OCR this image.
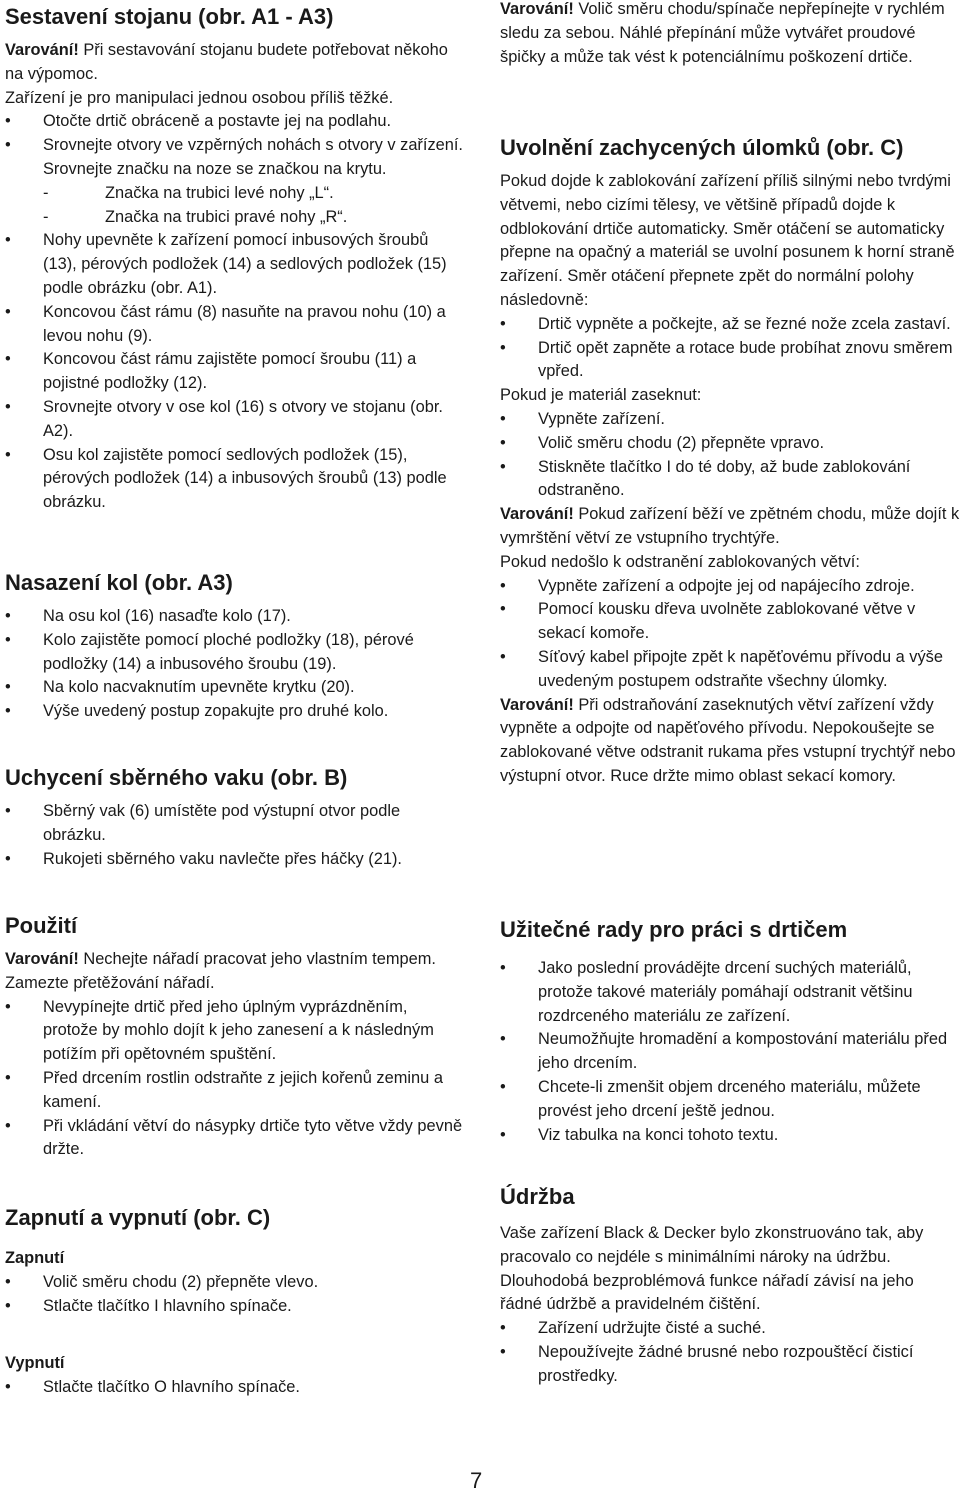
Sestavení stojanu (obr. A1 - A3)

Varování! Při sestavování stojanu budete potřebovat někoho na výpomoc.

Zařízení je pro manipulaci jednou osobou příliš těžké.

• Otočte drtič obráceně a postavte jej na podlahu.
• Srovnejte otvory ve vzpěrných nohách s otvory v zařízení. Srovnejte značku na noze se značkou na krytu.
- Značka na trubici levé nohy „L“.
- Značka na trubici pravé nohy „R“.
• Nohy upevněte k zařízení pomocí inbusových šroubů (13), pérových podložek (14) a sedlových podložek (15) podle obrázku (obr. A1).
• Koncovou část rámu (8) nasuňte na pravou nohu (10) a levou nohu (9).
• Koncovou část rámu zajistěte pomocí šroubu (11) a pojistné podložky (12).
• Srovnejte otvory v ose kol (16) s otvory ve stojanu (obr. A2).
• Osu kol zajistěte pomocí sedlových podložek (15), pérových podložek (14) a inbusových šroubů (13) podle obrázku.
Nasazení kol (obr. A3)
• Na osu kol (16) nasaďte kolo (17).
• Kolo zajistěte pomocí ploché podložky (18), pérové podložky (14) a inbusového šroubu (19).
• Na kolo nacvaknutím upevněte krytku (20).
• Výše uvedený postup zopakujte pro druhé kolo.
Uchycení sběrného vaku (obr. B)
• Sběrný vak (6) umístěte pod výstupní otvor podle obrázku.
• Rukojeti sběrného vaku navlečte přes háčky (21).
Použití

Varování! Nechejte nářadí pracovat jeho vlastním tempem. Zamezte přetěžování nářadí.

• Nevypínejte drtič před jeho úplným vyprázdněním, protože by mohlo dojít k jeho zanesení a k následným potížím při opětovném spuštění.
• Před drcením rostlin odstraňte z jejich kořenů zeminu a kamení.
• Při vkládání větví do násypky drtiče tyto větve vždy pevně držte.
Zapnutí a vypnutí (obr. C)
Zapnutí
• Volič směru chodu (2) přepněte vlevo.
• Stlačte tlačítko I hlavního spínače.
Vypnutí
• Stlačte tlačítko O hlavního spínače.

Varování! Volič směru chodu/spínače nepřepínejte v rychlém sledu za sebou. Náhlé přepínání může vytvářet proudové špičky a může tak vést k potenciálnímu poškození drtiče.

Uvolnění zachycených úlomků (obr. C)

Pokud dojde k zablokování zařízení příliš silnými nebo tvrdými větvemi, nebo cizími tělesy, ve většině případů dojde k odblokování drtiče automaticky. Směr otáčení se automaticky přepne na opačný a materiál se uvolní posunem k horní straně zařízení. Směr otáčení přepnete zpět do normální polohy následovně:

• Drtič vypněte a počkejte, až se řezné nože zcela zastaví.
• Drtič opět zapněte a rotace bude probíhat znovu směrem vpřed.

Pokud je materiál zaseknut:

• Vypněte zařízení.
• Volič směru chodu (2) přepněte vpravo.
• Stiskněte tlačítko I do té doby, až bude zablokování odstraněno.

Varování! Pokud zařízení běží ve zpětném chodu, může dojít k vymrštění větví ze vstupního trychtýře.

Pokud nedošlo k odstranění zablokovaných větví:

• Vypněte zařízení a odpojte jej od napájecího zdroje.
• Pomocí kousku dřeva uvolněte zablokované větve v sekací komoře.
• Síťový kabel připojte zpět k napěťovému přívodu a výše uvedeným postupem odstraňte všechny úlomky.

Varování! Při odstraňování zaseknutých větví zařízení vždy vypněte a odpojte od napěťového přívodu. Nepokoušejte se zablokované větve odstranit rukama přes vstupní trychtýř nebo výstupní otvor. Ruce držte mimo oblast sekací komory.

Užitečné rady pro práci s drtičem
• Jako poslední provádějte drcení suchých materiálů, protože takové materiály pomáhají odstranit většinu rozdrceného materiálu ze zařízení.
• Neumožňujte hromadění a kompostování materiálu před jeho drcením.
• Chcete-li zmenšit objem drceného materiálu, můžete provést jeho drcení ještě jednou.
• Viz tabulka na konci tohoto textu.
Údržba

Vaše zařízení Black & Decker bylo zkonstruováno tak, aby pracovalo co nejdéle s minimálními nároky na údržbu.

Dlouhodobá bezproblémová funkce nářadí závisí na jeho řádné údržbě a pravidelném čištění.

• Zařízení udržujte čisté a suché.
• Nepoužívejte žádné brusné nebo rozpouštěcí čisticí prostředky.
7
